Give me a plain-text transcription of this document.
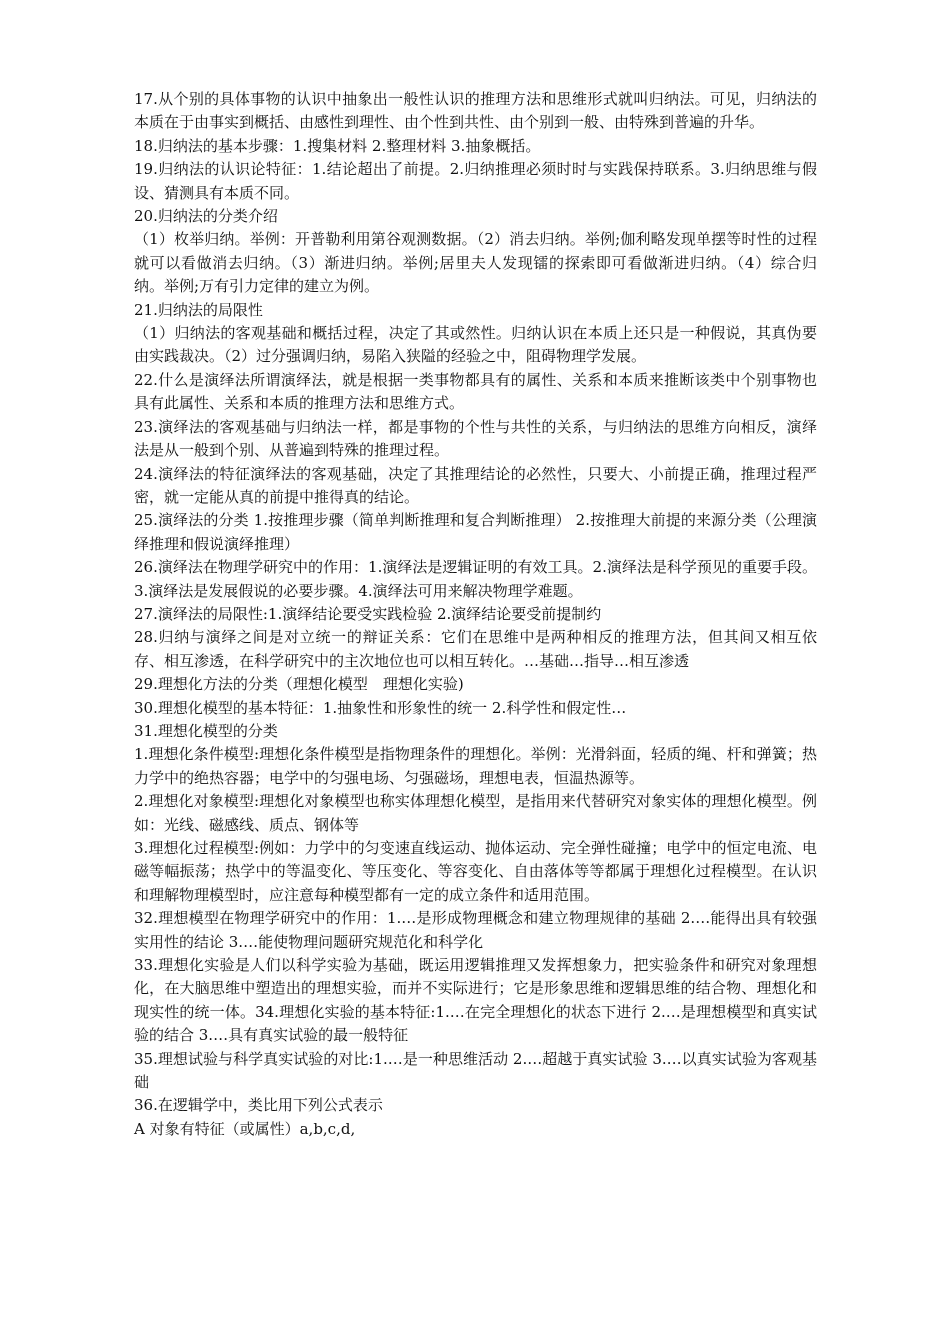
17.从个别的具体事物的认识中抽象出一般性认识的推理方法和思维形式就叫归纳法。可见，归纳法的本质在于由事实到概括、由感性到理性、由个性到共性、由个别到一般、由特殊到普遍的升华。

18.归纳法的基本步骤：1.搜集材料 2.整理材料 3.抽象概括。

19.归纳法的认识论特征：1.结论超出了前提。2.归纳推理必须时时与实践保持联系。3.归纳思维与假设、猜测具有本质不同。

20.归纳法的分类介绍

（1）枚举归纳。举例：开普勒利用第谷观测数据。（2）消去归纳。举例;伽利略发现单摆等时性的过程就可以看做消去归纳。（3）渐进归纳。举例;居里夫人发现镭的探索即可看做渐进归纳。（4）综合归纳。举例;万有引力定律的建立为例。

21.归纳法的局限性

（1）归纳法的客观基础和概括过程，决定了其或然性。归纳认识在本质上还只是一种假说，其真伪要由实践裁决。（2）过分强调归纳，易陷入狭隘的经验之中，阻碍物理学发展。

22.什么是演绎法所谓演绎法，就是根据一类事物都具有的属性、关系和本质来推断该类中个别事物也具有此属性、关系和本质的推理方法和思维方式。

23.演绎法的客观基础与归纳法一样，都是事物的个性与共性的关系，与归纳法的思维方向相反，演绎法是从一般到个别、从普遍到特殊的推理过程。

24.演绎法的特征演绎法的客观基础，决定了其推理结论的必然性，只要大、小前提正确，推理过程严密，就一定能从真的前提中推得真的结论。

25.演绎法的分类 1.按推理步骤（简单判断推理和复合判断推理） 2.按推理大前提的来源分类（公理演绎推理和假说演绎推理）

26.演绎法在物理学研究中的作用：1.演绎法是逻辑证明的有效工具。2.演绎法是科学预见的重要手段。3.演绎法是发展假说的必要步骤。4.演绎法可用来解决物理学难题。

27.演绎法的局限性:1.演绎结论要受实践检验 2.演绎结论要受前提制约

28.归纳与演绎之间是对立统一的辩证关系：它们在思维中是两种相反的推理方法，但其间又相互依存、相互渗透，在科学研究中的主次地位也可以相互转化。…基础…指导…相互渗透

29.理想化方法的分类（理想化模型　理想化实验)

30.理想化模型的基本特征：1.抽象性和形象性的统一 2.科学性和假定性…

31.理想化模型的分类

1.理想化条件模型:理想化条件模型是指物理条件的理想化。举例：光滑斜面，轻质的绳、杆和弹簧；热力学中的绝热容器；电学中的匀强电场、匀强磁场，理想电表，恒温热源等。

2.理想化对象模型:理想化对象模型也称实体理想化模型，是指用来代替研究对象实体的理想化模型。例如：光线、磁感线、质点、钢体等

3.理想化过程模型:例如：力学中的匀变速直线运动、抛体运动、完全弹性碰撞；电学中的恒定电流、电磁等幅振荡；热学中的等温变化、等压变化、等容变化、自由落体等等都属于理想化过程模型。在认识和理解物理模型时，应注意每种模型都有一定的成立条件和适用范围。

32.理想模型在物理学研究中的作用：1.…是形成物理概念和建立物理规律的基础 2.…能得出具有较强实用性的结论 3.…能使物理问题研究规范化和科学化

33.理想化实验是人们以科学实验为基础，既运用逻辑推理又发挥想象力，把实验条件和研究对象理想化，在大脑思维中塑造出的理想实验，而并不实际进行；它是形象思维和逻辑思维的结合物、理想化和现实性的统一体。34.理想化实验的基本特征:1.…在完全理想化的状态下进行 2.…是理想模型和真实试验的结合 3.…具有真实试验的最一般特征

35.理想试验与科学真实试验的对比:1.…是一种思维活动 2.…超越于真实试验 3.…以真实试验为客观基础

36.在逻辑学中，类比用下列公式表示

A 对象有特征（或属性）a,b,c,d,
